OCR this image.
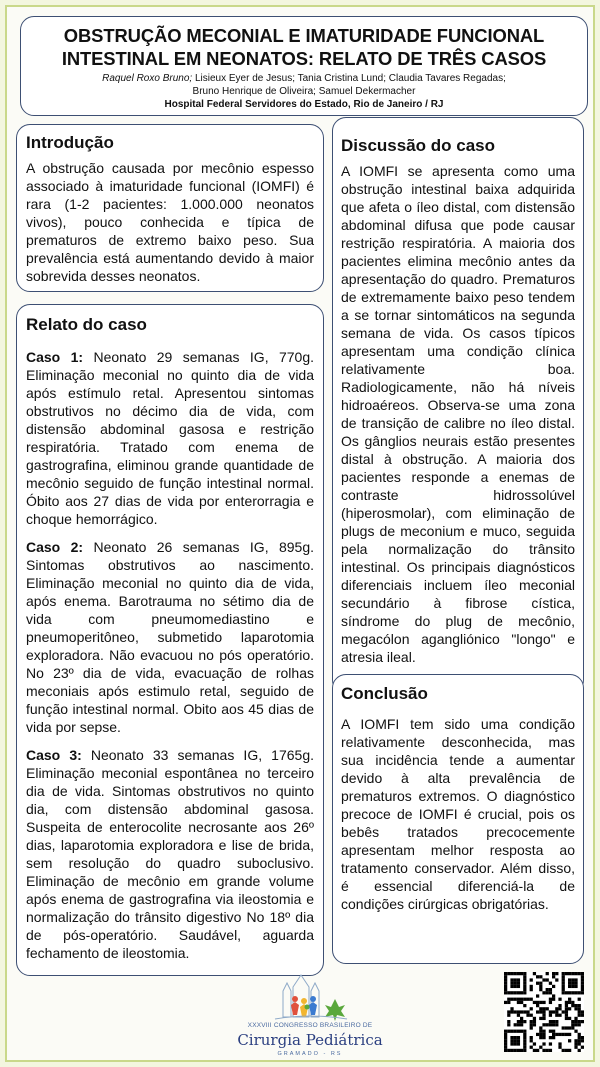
OBSTRUÇÃO MECONIAL E IMATURIDADE FUNCIONAL
INTESTINAL EM NEONATOS: RELATO DE TRÊS CASOS
Raquel Roxo Bruno; Lisieux Eyer de Jesus; Tania Cristina Lund; Claudia Tavares Regadas;
Bruno Henrique de Oliveira; Samuel Dekermacher
Hospital Federal Servidores do Estado, Rio de Janeiro / RJ
Introdução

A obstrução causada por mecônio espesso associado à imaturidade funcional (IOMFI) é rara (1-2 pacientes: 1.000.000 neonatos vivos), pouco conhecida e típica de prematuros de extremo baixo peso. Sua prevalência está aumentando devido à maior sobrevida desses neonatos.

Relato do caso

Caso 1: Neonato 29 semanas IG, 770g. Eliminação meconial no quinto dia de vida após estímulo retal. Apresentou sintomas obstrutivos no décimo dia de vida, com distensão abdominal gasosa e restrição respiratória. Tratado com enema de gastrografina, eliminou grande quantidade de mecônio seguido de função intestinal normal. Óbito aos 27 dias de vida por enterorragia e choque hemorrágico.

Caso 2: Neonato 26 semanas IG, 895g. Sintomas obstrutivos ao nascimento. Eliminação meconial no quinto dia de vida, após enema. Barotrauma no sétimo dia de vida com pneumomediastino e pneumoperitôneo, submetido laparotomia exploradora. Não evacuou no pós operatório. No 23º dia de vida, evacuação de rolhas meconiais após estimulo retal, seguido de função intestinal normal. Obito aos 45 dias de vida por sepse.

Caso 3: Neonato 33 semanas IG, 1765g. Eliminação meconial espontânea no terceiro dia de vida. Sintomas obstrutivos no quinto dia, com distensão abdominal gasosa. Suspeita de enterocolite necrosante aos 26º dias, laparotomia exploradora e lise de brida, sem resolução do quadro suboclusivo. Eliminação de mecônio em grande volume após enema de gastrografina via ileostomia e normalização do trânsito digestivo No 18º dia de pós-operatório. Saudável, aguarda fechamento de ileostomia.

Discussão do caso

A IOMFI se apresenta como uma obstrução intestinal baixa adquirida que afeta o íleo distal, com distensão abdominal difusa que pode causar restrição respiratória. A maioria dos pacientes elimina mecônio antes da apresentação do quadro. Prematuros de extremamente baixo peso tendem a se tornar sintomáticos na segunda semana de vida. Os casos típicos apresentam uma condição clínica relativamente boa. Radiologicamente, não há níveis hidroaéreos. Observa-se uma zona de transição de calibre no íleo distal. Os gânglios neurais estão presentes distal à obstrução. A maioria dos pacientes responde a enemas de contraste hidrossolúvel (hiperosmolar), com eliminação de plugs de meconium e muco, seguida pela normalização do trânsito intestinal. Os principais diagnósticos diferenciais incluem íleo meconial secundário à fibrose cística, síndrome do plug de mecônio, megacólon agangliónico "longo" e atresia ileal.

Conclusão

A IOMFI tem sido uma condição relativamente desconhecida, mas sua incidência tende a aumentar devido à alta prevalência de prematuros extremos. O diagnóstico precoce de IOMFI é crucial, pois os bebês tratados precocemente apresentam melhor resposta ao tratamento conservador. Além disso, é essencial diferenciá-la de condições cirúrgicas obrigatórias.

XXXVIII CONGRESSO BRASILEIRO DE
Cirurgia Pediátrica
GRAMADO - RS
